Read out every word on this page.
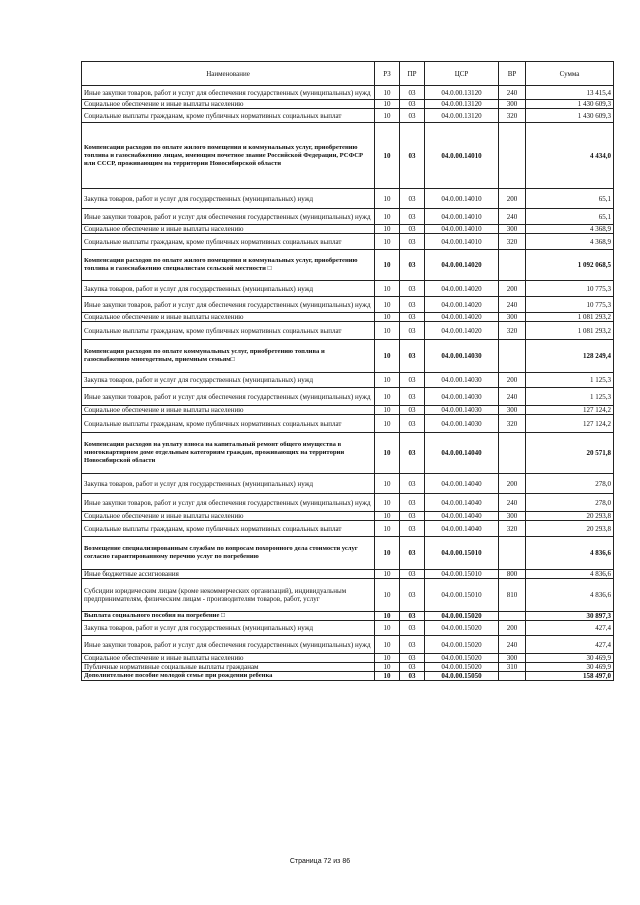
Наименование	РЗ	ПР	ЦСР	ВР	Сумма
Иные закупки товаров, работ и услуг для обеспечения государственных (муниципальных) нужд	10	03	04.0.00.13120	240	13 415,4
Социальное обеспечение и иные выплаты населению	10	03	04.0.00.13120	300	1 430 609,3
Социальные выплаты гражданам, кроме публичных нормативных социальных выплат	10	03	04.0.00.13120	320	1 430 609,3
Компенсация расходов по оплате жилого помещения и коммунальных услуг, приобретению топлива и газоснабжению лицам, имеющим почетное звание Российской Федерации, РСФСР или СССР, проживающим на территории Новосибирской области	10	03	04.0.00.14010		4 434,0
Закупка товаров, работ и услуг для государственных (муниципальных) нужд	10	03	04.0.00.14010	200	65,1
Иные закупки товаров, работ и услуг для обеспечения государственных (муниципальных) нужд	10	03	04.0.00.14010	240	65,1
Социальное обеспечение и иные выплаты населению	10	03	04.0.00.14010	300	4 368,9
Социальные выплаты гражданам, кроме публичных нормативных социальных выплат	10	03	04.0.00.14010	320	4 368,9
Компенсация расходов по оплате жилого помещения и коммунальных услуг, приобретению топлива и газоснабжению специалистам сельской местности □	10	03	04.0.00.14020		1 092 068,5
Закупка товаров, работ и услуг для государственных (муниципальных) нужд	10	03	04.0.00.14020	200	10 775,3
Иные закупки товаров, работ и услуг для обеспечения государственных (муниципальных) нужд	10	03	04.0.00.14020	240	10 775,3
Социальное обеспечение и иные выплаты населению	10	03	04.0.00.14020	300	1 081 293,2
Социальные выплаты гражданам, кроме публичных нормативных социальных выплат	10	03	04.0.00.14020	320	1 081 293,2
Компенсация расходов по оплате коммунальных услуг, приобретению топлива и газоснабжению многодетным, приемным семьям□	10	03	04.0.00.14030		128 249,4
Закупка товаров, работ и услуг для государственных (муниципальных) нужд	10	03	04.0.00.14030	200	1 125,3
Иные закупки товаров, работ и услуг для обеспечения государственных (муниципальных) нужд	10	03	04.0.00.14030	240	1 125,3
Социальное обеспечение и иные выплаты населению	10	03	04.0.00.14030	300	127 124,2
Социальные выплаты гражданам, кроме публичных нормативных социальных выплат	10	03	04.0.00.14030	320	127 124,2
Компенсация расходов на уплату взноса на капитальный ремонт общего имущества в многоквартирном доме отдельным категориям граждан, проживающих на территории Новосибирской области	10	03	04.0.00.14040		20 571,8
Закупка товаров, работ и услуг для государственных (муниципальных) нужд	10	03	04.0.00.14040	200	278,0
Иные закупки товаров, работ и услуг для обеспечения государственных (муниципальных) нужд	10	03	04.0.00.14040	240	278,0
Социальное обеспечение и иные выплаты населению	10	03	04.0.00.14040	300	20 293,8
Социальные выплаты гражданам, кроме публичных нормативных социальных выплат	10	03	04.0.00.14040	320	20 293,8
Возмещение специализированным службам по вопросам похоронного дела стоимости услуг согласно гарантированному перечню услуг по погребению	10	03	04.0.00.15010		4 836,6
Иные бюджетные ассигнования	10	03	04.0.00.15010	800	4 836,6
Субсидии юридическим лицам (кроме некоммерческих организаций), индивидуальным предпринимателям, физическим лицам - производителям товаров, работ, услуг	10	03	04.0.00.15010	810	4 836,6
Выплата социального пособия на погребение □	10	03	04.0.00.15020		30 897,3
Закупка товаров, работ и услуг для государственных (муниципальных) нужд	10	03	04.0.00.15020	200	427,4
Иные закупки товаров, работ и услуг для обеспечения государственных (муниципальных) нужд	10	03	04.0.00.15020	240	427,4
Социальное обеспечение и иные выплаты населению	10	03	04.0.00.15020	300	30 469,9
Публичные нормативные социальные выплаты гражданам	10	03	04.0.00.15020	310	30 469,9
Дополнительное пособие молодой семье при рождении ребенка	10	03	04.0.00.15050		158 497,0
Страница 72 из 86
